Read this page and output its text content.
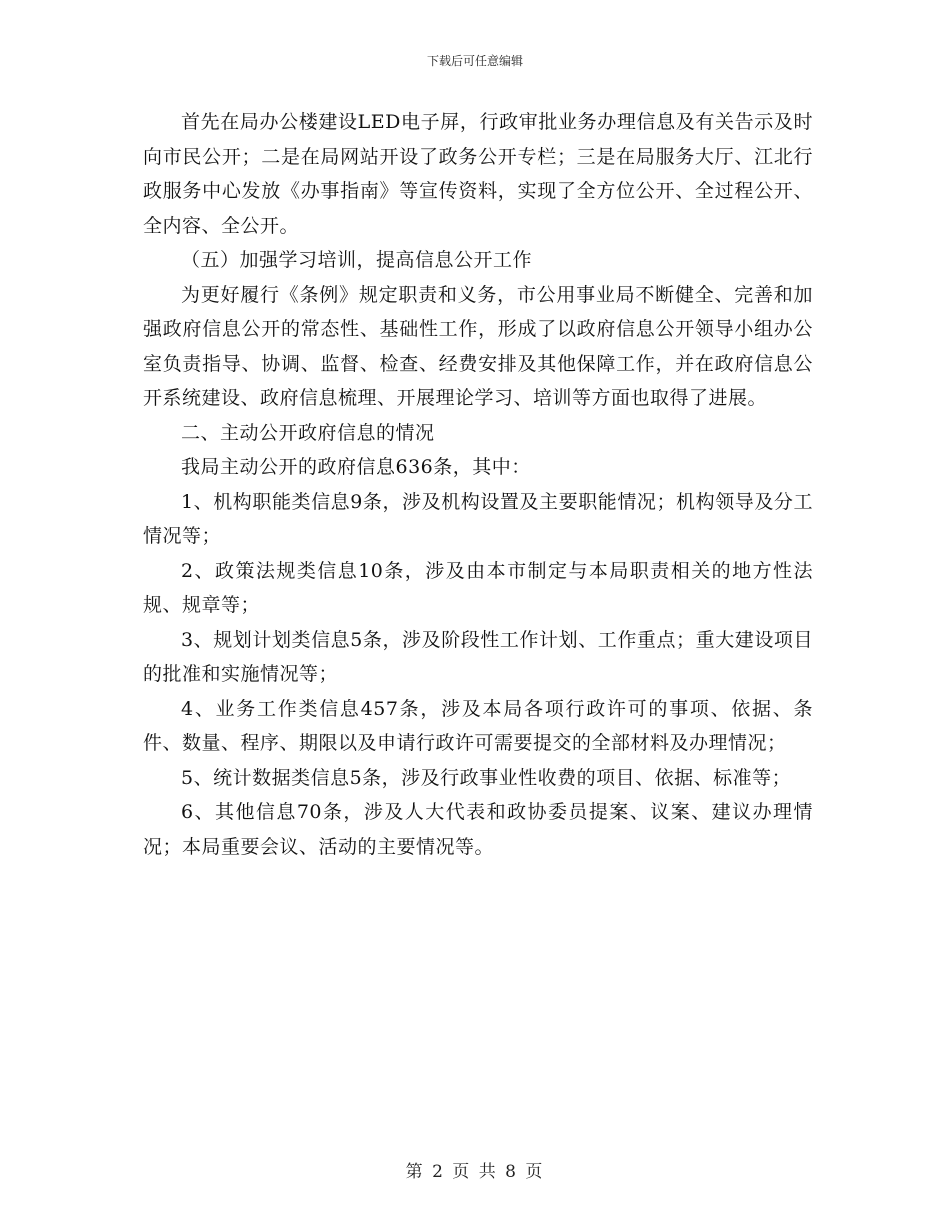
下载后可任意编辑

首先在局办公楼建设LED电子屏，行政审批业务办理信息及有关告示及时向市民公开；二是在局网站开设了政务公开专栏；三是在局服务大厅、江北行政服务中心发放《办事指南》等宣传资料，实现了全方位公开、全过程公开、全内容、全公开。

（五）加强学习培训，提高信息公开工作

为更好履行《条例》规定职责和义务，市公用事业局不断健全、完善和加强政府信息公开的常态性、基础性工作，形成了以政府信息公开领导小组办公室负责指导、协调、监督、检查、经费安排及其他保障工作，并在政府信息公开系统建设、政府信息梳理、开展理论学习、培训等方面也取得了进展。

二、主动公开政府信息的情况

我局主动公开的政府信息636条，其中：

1、机构职能类信息9条，涉及机构设置及主要职能情况；机构领导及分工情况等；

2、政策法规类信息10条，涉及由本市制定与本局职责相关的地方性法规、规章等；

3、规划计划类信息5条，涉及阶段性工作计划、工作重点；重大建设项目的批准和实施情况等；

4、业务工作类信息457条，涉及本局各项行政许可的事项、依据、条件、数量、程序、期限以及申请行政许可需要提交的全部材料及办理情况；

5、统计数据类信息5条，涉及行政事业性收费的项目、依据、标准等；

6、其他信息70条，涉及人大代表和政协委员提案、议案、建议办理情况；本局重要会议、活动的主要情况等。

第 2 页 共 8 页
